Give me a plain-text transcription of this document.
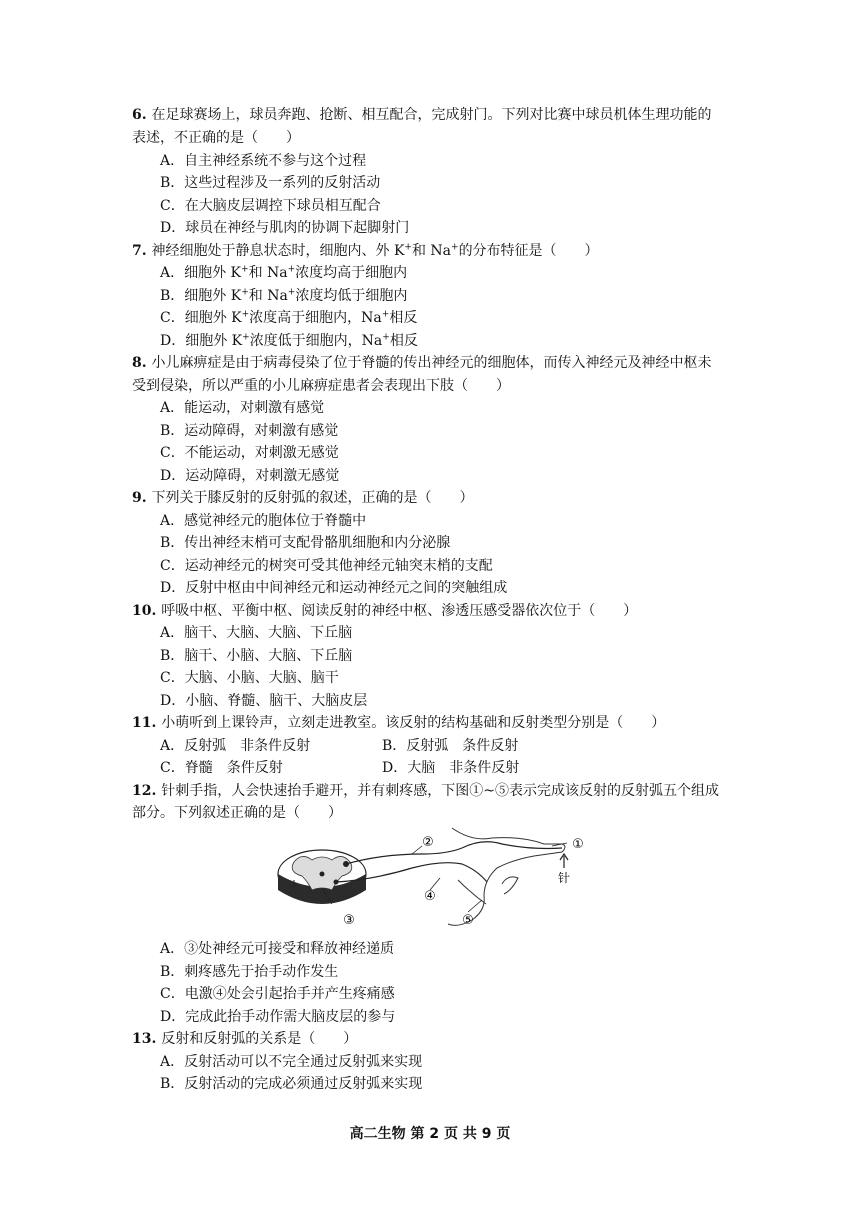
6. 在足球赛场上，球员奔跑、抢断、相互配合，完成射门。下列对比赛中球员机体生理功能的
表述，不正确的是（　　）
A．自主神经系统不参与这个过程
B．这些过程涉及一系列的反射活动
C．在大脑皮层调控下球员相互配合
D．球员在神经与肌肉的协调下起脚射门
7. 神经细胞处于静息状态时，细胞内、外 K+和 Na+的分布特征是（　　）
A．细胞外 K+和 Na+浓度均高于细胞内
B．细胞外 K+和 Na+浓度均低于细胞内
C．细胞外 K+浓度高于细胞内，Na+相反
D．细胞外 K+浓度低于细胞内，Na+相反
8. 小儿麻痹症是由于病毒侵染了位于脊髓的传出神经元的细胞体，而传入神经元及神经中枢未
受到侵染，所以严重的小儿麻痹症患者会表现出下肢（　　）
A．能运动，对刺激有感觉
B．运动障碍，对刺激有感觉
C．不能运动，对刺激无感觉
D．运动障碍，对刺激无感觉
9. 下列关于膝反射的反射弧的叙述，正确的是（　　）
A．感觉神经元的胞体位于脊髓中
B．传出神经末梢可支配骨骼肌细胞和内分泌腺
C．运动神经元的树突可受其他神经元轴突末梢的支配
D．反射中枢由中间神经元和运动神经元之间的突触组成
10. 呼吸中枢、平衡中枢、阅读反射的神经中枢、渗透压感受器依次位于（　　）
A．脑干、大脑、大脑、下丘脑
B．脑干、小脑、大脑、下丘脑
C．大脑、小脑、大脑、脑干
D．小脑、脊髓、脑干、大脑皮层
11. 小萌听到上课铃声，立刻走进教室。该反射的结构基础和反射类型分别是（　　）
A．反射弧　非条件反射	B．反射弧　条件反射
C．脊髓　条件反射	D．大脑　非条件反射
12. 针刺手指，人会快速抬手避开，并有刺疼感，下图①~⑤表示完成该反射的反射弧五个组成
部分。下列叙述正确的是（　　）
①
②
③
④
⑤
针
A．③处神经元可接受和释放神经递质
B．刺疼感先于抬手动作发生
C．电激④处会引起抬手并产生疼痛感
D．完成此抬手动作需大脑皮层的参与
13. 反射和反射弧的关系是（　　）
A．反射活动可以不完全通过反射弧来实现
B．反射活动的完成必须通过反射弧来实现
高二生物 第 2 页 共 9 页
